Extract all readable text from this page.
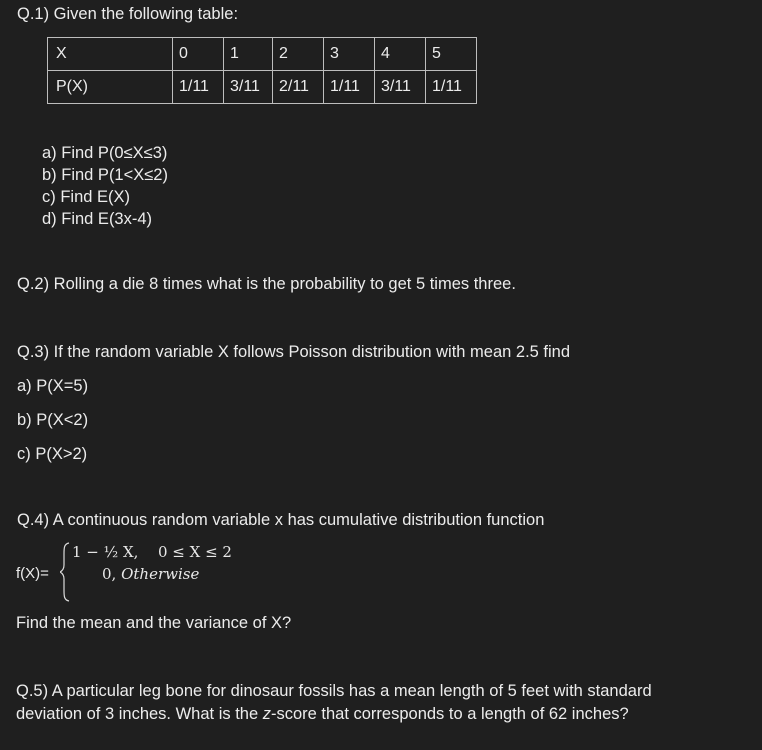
Q.1) Given the following table:
X	0	1	2	3	4	5
P(X)	1/11	3/11	2/11	1/11	3/11	1/11
a) Find P(0≤X≤3)
b) Find P(1<X≤2)
c) Find E(X)
d) Find E(3x-4)
Q.2) Rolling a die 8 times what is the probability to get 5 times three.
Q.3) If the random variable X follows Poisson distribution with mean 2.5 find
a) P(X=5)
b) P(X<2)
c) P(X>2)
Q.4) A continuous random variable x has cumulative distribution function
f(X)=
1 − ½ X, 0 ≤ X ≤ 2
0, Otherwise
Find the mean and the variance of X?
Q.5) A particular leg bone for dinosaur fossils has a mean length of 5 feet with standard
deviation of 3 inches. What is the z-score that corresponds to a length of 62 inches?
